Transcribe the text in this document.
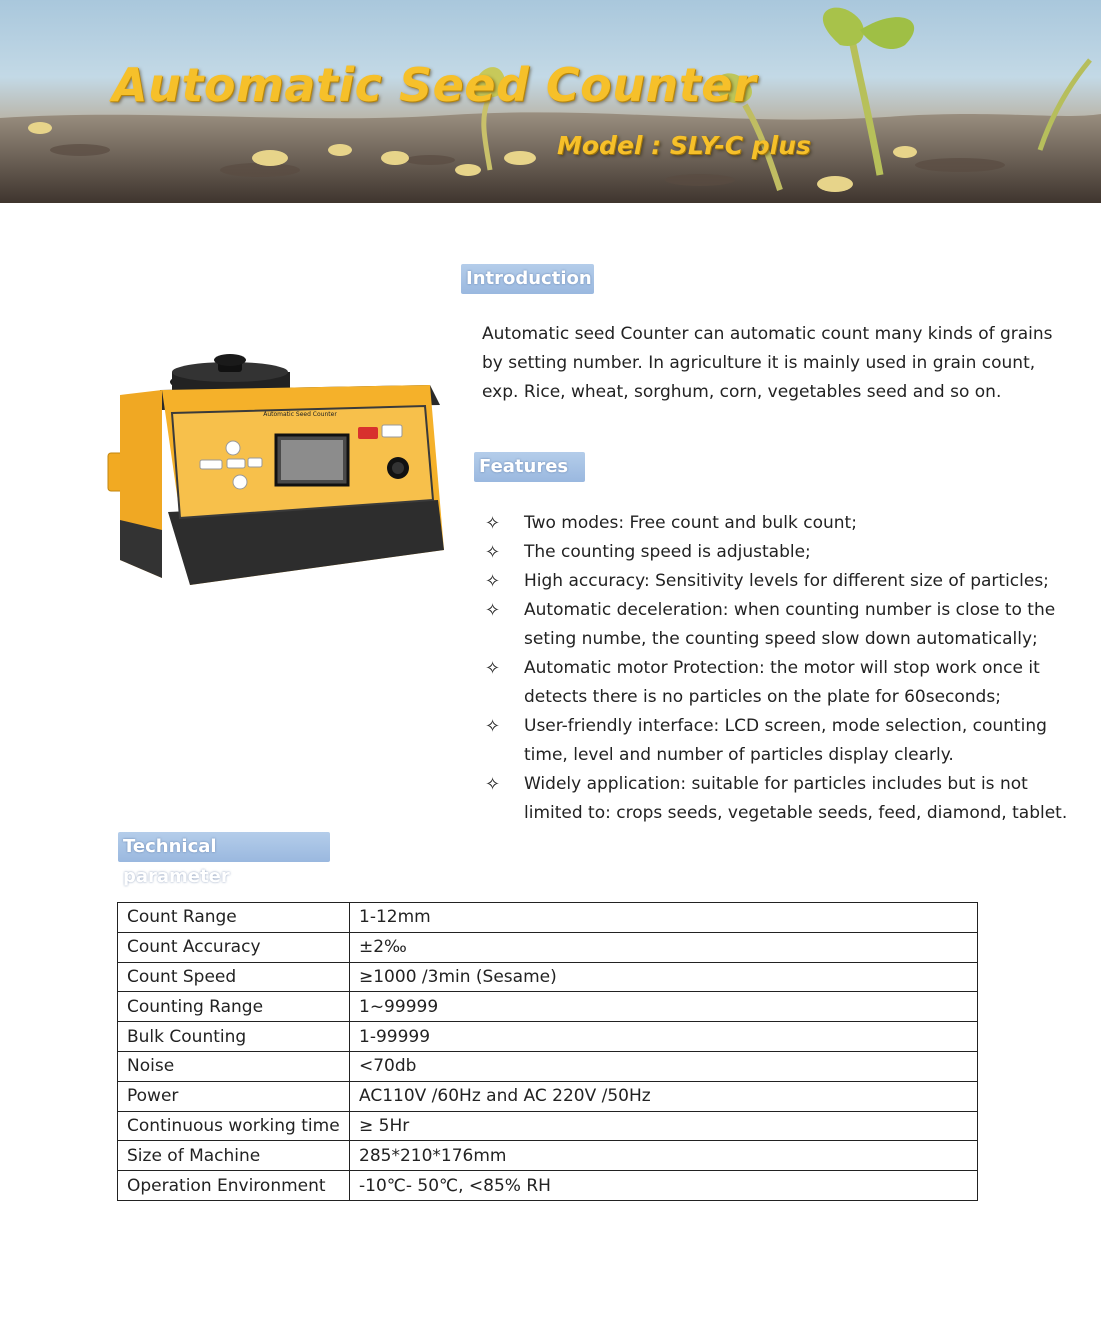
Automatic Seed Counter
Model : SLY-C plus
Automatic Seed Counter
Introduction

Automatic seed Counter can automatic count many kinds of grains by setting number. In agriculture it is mainly used in grain count, exp. Rice, wheat, sorghum, corn, vegetables seed and so on.

Features
✧ Two modes: Free count and bulk count;
✧ The counting speed is adjustable;
✧ High accuracy: Sensitivity levels for different size of particles;
✧ Automatic deceleration: when counting number is close to the seting numbe, the counting speed slow down automatically;
✧ Automatic motor Protection: the motor will stop work once it detects there is no particles on the plate for 60seconds;
✧ User-friendly interface: LCD screen, mode selection, counting time, level and number of particles display clearly.
✧ Widely application: suitable for particles includes but is not limited to: crops seeds, vegetable seeds, feed, diamond, tablet.
Technical parameter
Count Range	1-12mm
Count Accuracy	±2‰
Count Speed	≥1000 /3min (Sesame)
Counting Range	1~99999
Bulk Counting	1-99999
Noise	<70db
Power	AC110V /60Hz and AC 220V /50Hz
Continuous working time	≥ 5Hr
Size of Machine	285*210*176mm
Operation Environment	-10℃- 50℃, <85% RH
